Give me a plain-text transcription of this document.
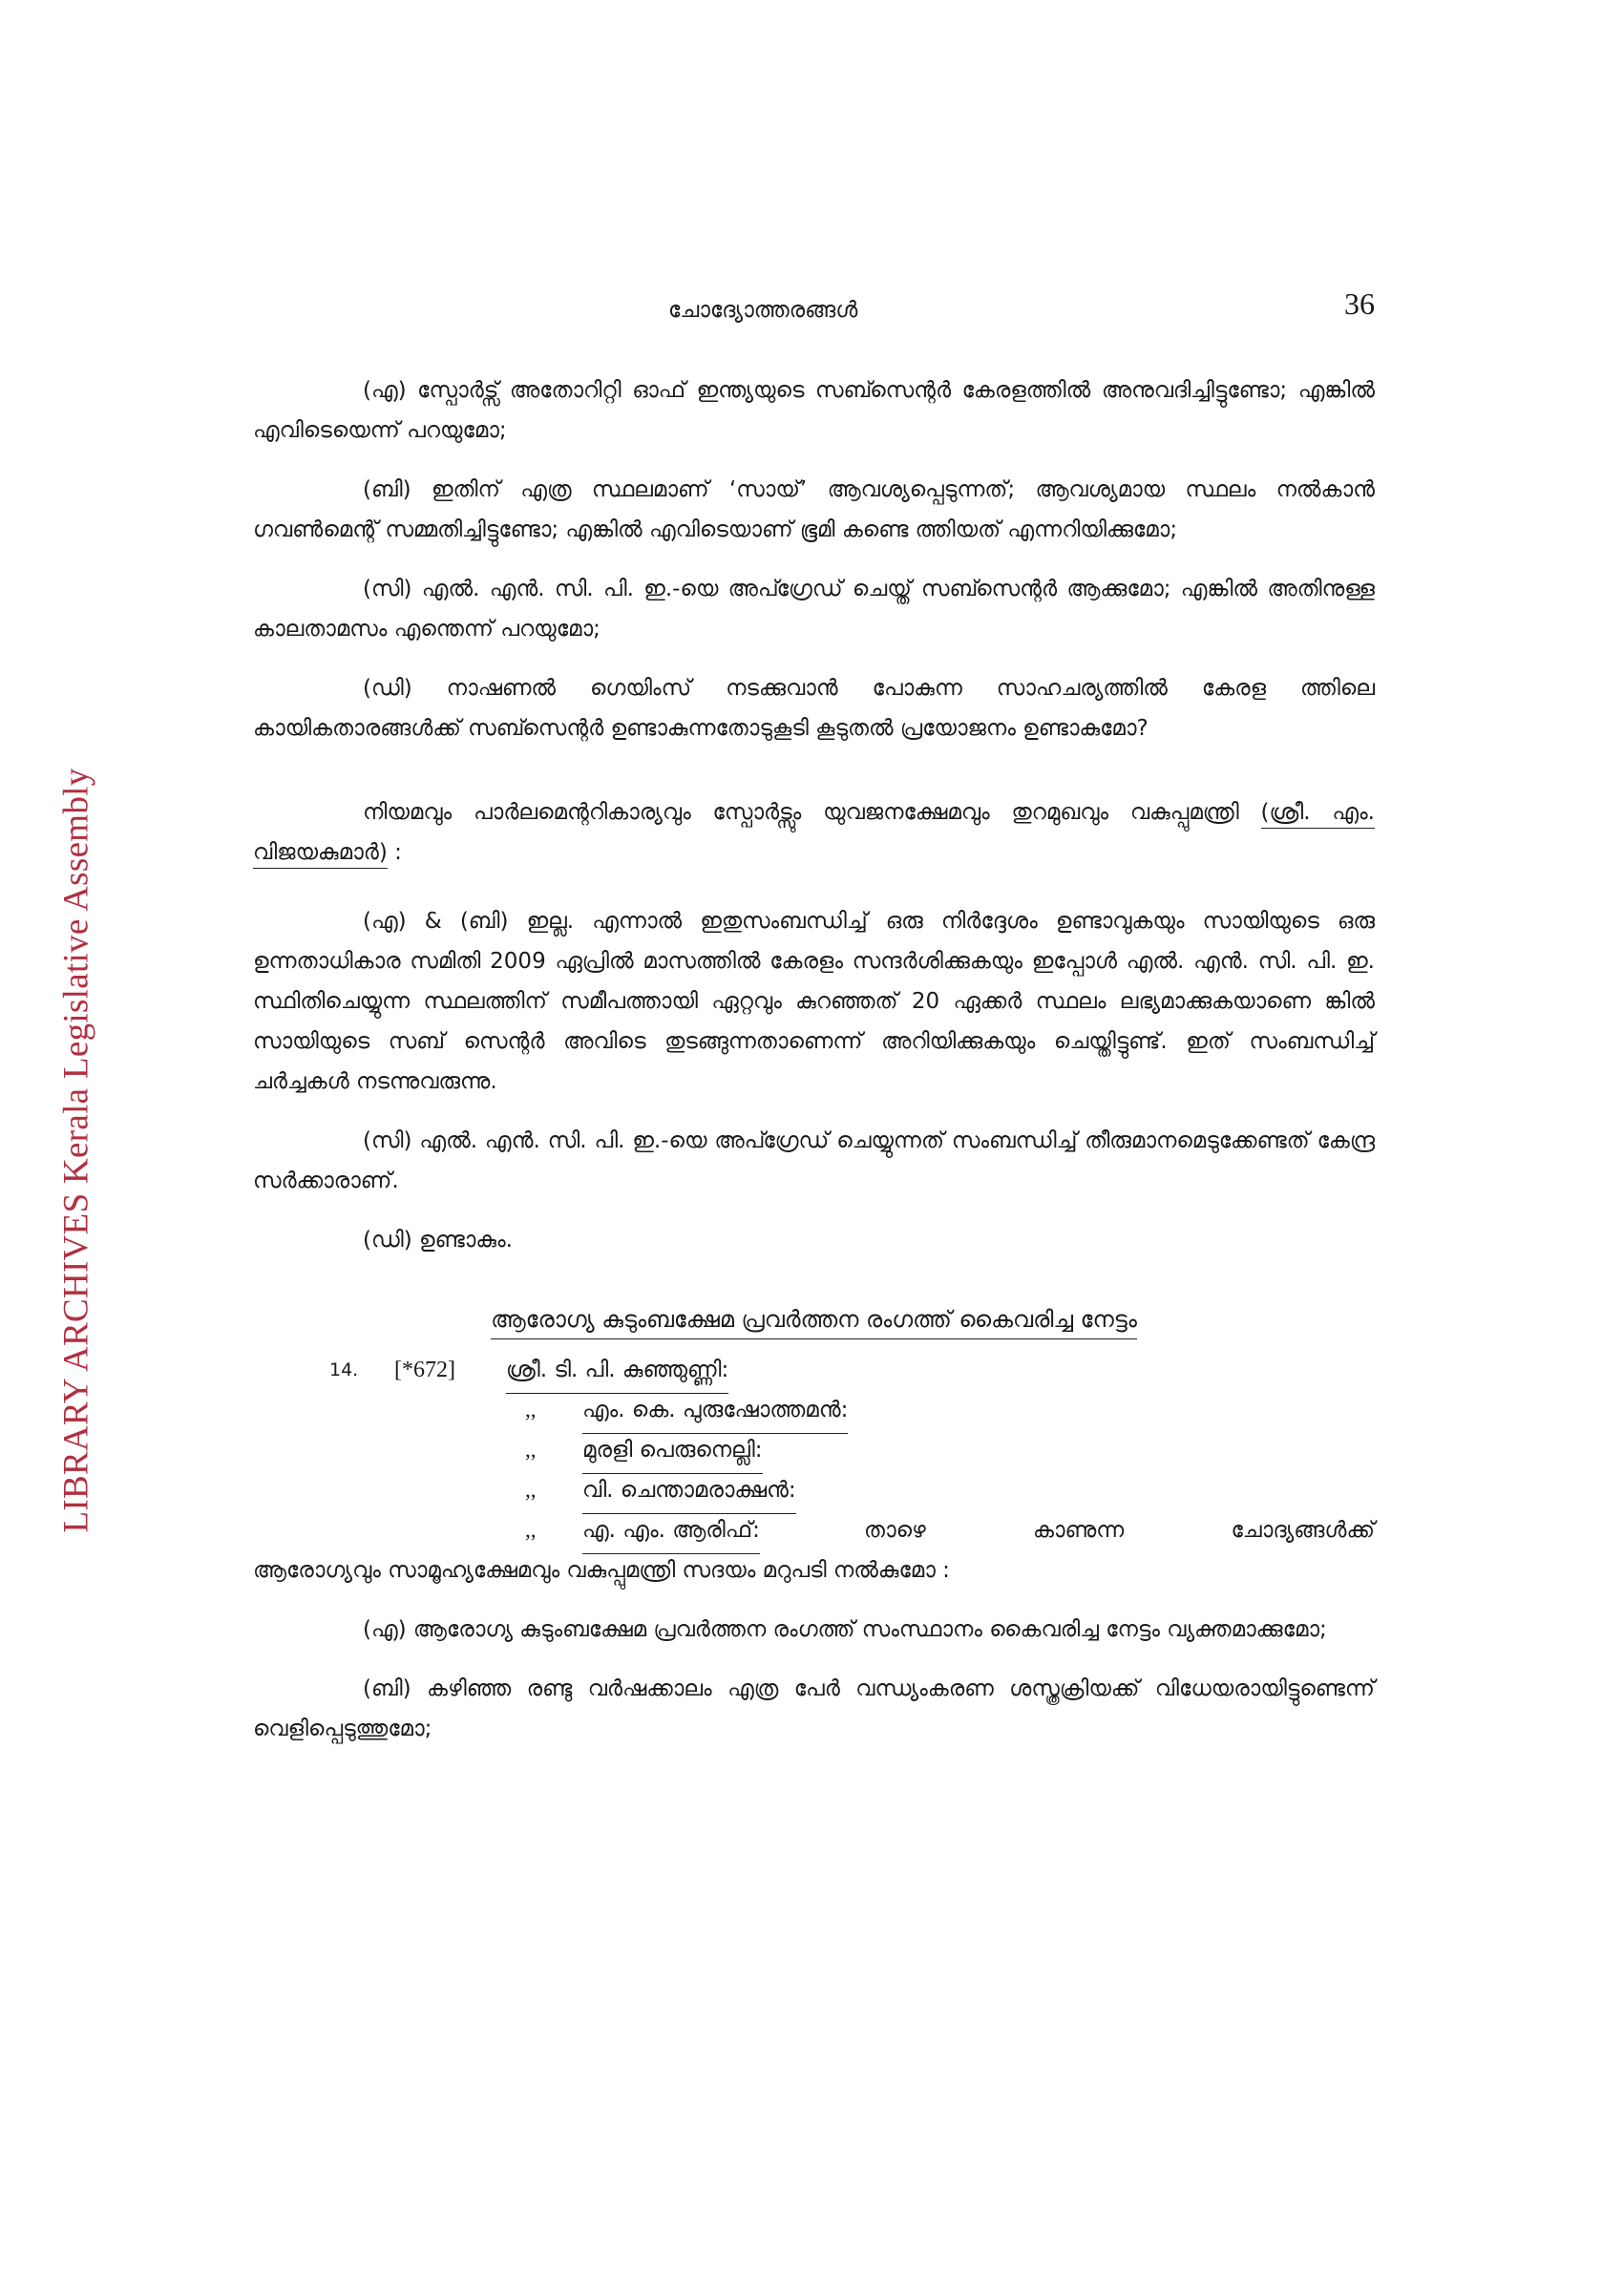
LIBRARY ARCHIVES Kerala Legislative Assembly
ചോദ്യോത്തരങ്ങൾ	36

(എ) സ്പോർട്സ് അതോറിറ്റി ഓഫ് ഇന്ത്യയുടെ സബ്സെന്റർ കേരളത്തിൽ അനുവദിച്ചിട്ടുണ്ടോ; എങ്കിൽ എവിടെയെന്ന് പറയുമോ;

(ബി) ഇതിന് എത്ര സ്ഥലമാണ് ‘സായ്’ ആവശ്യപ്പെടുന്നത്; ആവശ്യമായ സ്ഥലം നൽകാൻ ഗവൺമെന്റ് സമ്മതിച്ചിട്ടുണ്ടോ; എങ്കിൽ എവിടെയാണ് ഭൂമി കണ്ടെ ത്തിയത് എന്നറിയിക്കുമോ;

(സി) എൽ. എൻ. സി. പി. ഇ.-യെ അപ്ഗ്രേഡ് ചെയ്ത് സബ്സെന്റർ ആക്കുമോ; എങ്കിൽ അതിനുള്ള കാലതാമസം എന്തെന്ന് പറയുമോ;

(ഡി) നാഷണൽ ഗെയിംസ് നടക്കുവാൻ പോകുന്ന സാഹചര്യത്തിൽ കേരള ത്തിലെ കായികതാരങ്ങൾക്ക് സബ്സെന്റർ ഉണ്ടാകുന്നതോടുകൂടി കൂടുതൽ പ്രയോജനം ഉണ്ടാകുമോ?

നിയമവും പാർലമെന്ററികാര്യവും സ്പോർട്സും യുവജനക്ഷേമവും തുറമുഖവും വകുപ്പുമന്ത്രി (ശ്രീ. എം. വിജയകുമാർ) :

(എ) & (ബി) ഇല്ല. എന്നാൽ ഇതുസംബന്ധിച്ച് ഒരു നിർദ്ദേശം ഉണ്ടാവുകയും സായിയുടെ ഒരു ഉന്നതാധികാര സമിതി 2009 ഏപ്രിൽ മാസത്തിൽ കേരളം സന്ദർശിക്കുകയും ഇപ്പോൾ എൽ. എൻ. സി. പി. ഇ. സ്ഥിതിചെയ്യുന്ന സ്ഥലത്തിന് സമീപത്തായി ഏറ്റവും കുറഞ്ഞത് 20 ഏക്കർ സ്ഥലം ലഭ്യമാക്കുകയാണെ ങ്കിൽ സായിയുടെ സബ് സെന്റർ അവിടെ തുടങ്ങുന്നതാണെന്ന് അറിയിക്കുകയും ചെയ്തിട്ടുണ്ട്. ഇത് സംബന്ധിച്ച് ചർച്ചകൾ നടന്നുവരുന്നു.

(സി) എൽ. എൻ. സി. പി. ഇ.-യെ അപ്ഗ്രേഡ് ചെയ്യുന്നത് സംബന്ധിച്ച് തീരുമാനമെടുക്കേണ്ടത് കേന്ദ്ര സർക്കാരാണ്.

(ഡി) ഉണ്ടാകും.

ആരോഗ്യ കുടുംബക്ഷേമ പ്രവർത്തന രംഗത്ത് കൈവരിച്ച നേട്ടം
14. [*672] ശ്രീ. ടി. പി. കുഞ്ഞുണ്ണി:
,, എം. കെ. പുരുഷോത്തമൻ:
,, മുരളി പെരുനെല്ലി:
,, വി. ചെന്താമരാക്ഷൻ:
,, എ. എം. ആരിഫ്:	താഴെ കാണുന്ന ചോദ്യങ്ങൾക്ക്

ആരോഗ്യവും സാമൂഹ്യക്ഷേമവും വകുപ്പുമന്ത്രി സദയം മറുപടി നൽകുമോ :

(എ) ആരോഗ്യ കുടുംബക്ഷേമ പ്രവർത്തന രംഗത്ത് സംസ്ഥാനം കൈവരിച്ച നേട്ടം വ്യക്തമാക്കുമോ;

(ബി) കഴിഞ്ഞ രണ്ടു വർഷക്കാലം എത്ര പേർ വന്ധ്യംകരണ ശസ്ത്രക്രിയക്ക് വിധേയരായിട്ടുണ്ടെന്ന് വെളിപ്പെടുത്തുമോ;
